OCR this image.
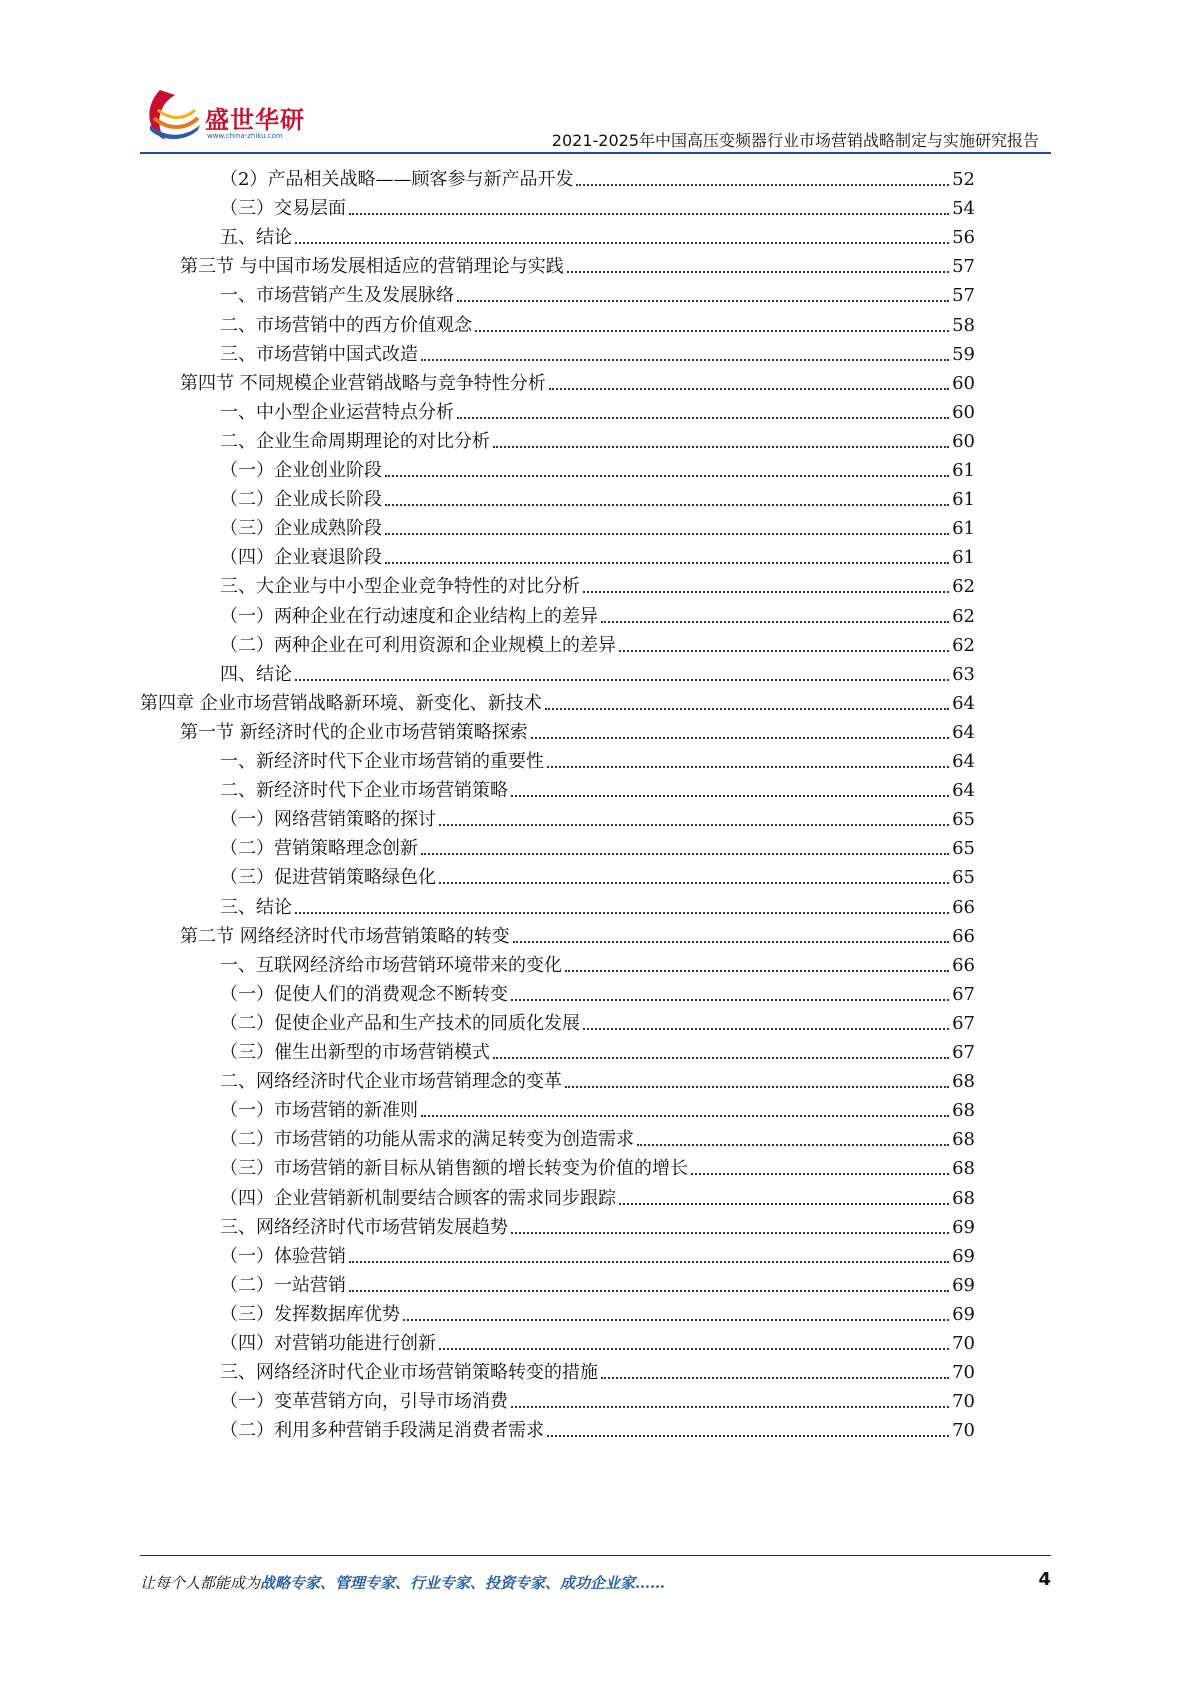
盛世华研
www.china-zhiku.com	2021-2025年中国高压变频器行业市场营销战略制定与实施研究报告
（2）产品相关战略——顾客参与新产品开发	52
（三）交易层面	54
五、结论	56
第三节 与中国市场发展相适应的营销理论与实践	57
一、市场营销产生及发展脉络	57
二、市场营销中的西方价值观念	58
三、市场营销中国式改造	59
第四节 不同规模企业营销战略与竞争特性分析	60
一、中小型企业运营特点分析	60
二、企业生命周期理论的对比分析	60
（一）企业创业阶段	61
（二）企业成长阶段	61
（三）企业成熟阶段	61
（四）企业衰退阶段	61
三、大企业与中小型企业竞争特性的对比分析	62
（一）两种企业在行动速度和企业结构上的差异	62
（二）两种企业在可利用资源和企业规模上的差异	62
四、结论	63
第四章 企业市场营销战略新环境、新变化、新技术	64
第一节 新经济时代的企业市场营销策略探索	64
一、新经济时代下企业市场营销的重要性	64
二、新经济时代下企业市场营销策略	64
（一）网络营销策略的探讨	65
（二）营销策略理念创新	65
（三）促进营销策略绿色化	65
三、结论	66
第二节 网络经济时代市场营销策略的转变	66
一、互联网经济给市场营销环境带来的变化	66
（一）促使人们的消费观念不断转变	67
（二）促使企业产品和生产技术的同质化发展	67
（三）催生出新型的市场营销模式	67
二、网络经济时代企业市场营销理念的变革	68
（一）市场营销的新准则	68
（二）市场营销的功能从需求的满足转变为创造需求	68
（三）市场营销的新目标从销售额的增长转变为价值的增长	68
（四）企业营销新机制要结合顾客的需求同步跟踪	68
三、网络经济时代市场营销发展趋势	69
（一）体验营销	69
（二）一站营销	69
（三）发挥数据库优势	69
（四）对营销功能进行创新	70
三、网络经济时代企业市场营销策略转变的措施	70
（一）变革营销方向，引导市场消费	70
（二）利用多种营销手段满足消费者需求	70
让每个人都能成为战略专家、管理专家、行业专家、投资专家、成功企业家……	4
